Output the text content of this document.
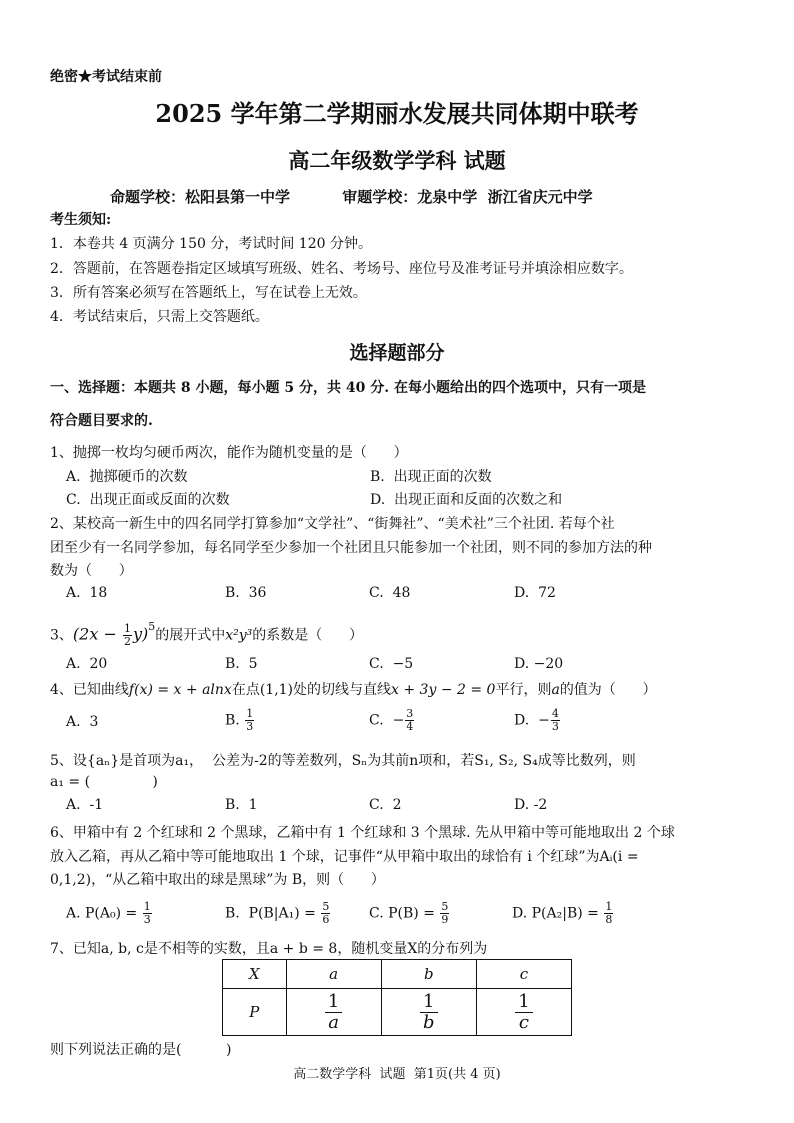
绝密★考试结束前
2025 学年第二学期丽水发展共同体期中联考
高二年级数学学科 试题
命题学校：松阳县第一中学          审题学校：龙泉中学  浙江省庆元中学
考生须知:
1．本卷共 4 页满分 150 分，考试时间 120 分钟。
2．答题前，在答题卷指定区域填写班级、姓名、考场号、座位号及准考证号并填涂相应数字。
3．所有答案必须写在答题纸上，写在试卷上无效。
4．考试结束后，只需上交答题纸。
选择题部分
一、选择题：本题共 8 小题，每小题 5 分，共 40 分. 在每小题给出的四个选项中，只有一项是
符合题目要求的.
1、抛掷一枚均匀硬币两次，能作为随机变量的是（      ）
A.  抛掷硬币的次数	B.  出现正面的次数
C.  出现正面或反面的次数	D.  出现正面和反面的次数之和
2、某校高一新生中的四名同学打算参加“文学社”、“街舞社”、“美术社”三个社团. 若每个社
团至少有一名同学参加，每名同学至少参加一个社团且只能参加一个社团，则不同的参加方法的种
数为（      ）
A.  18	B.  36	C.  48	D.  72
3、$(2x - \frac{1}{2} y)^5$的展开式中x²y³的系数是（      ）
A.  20	B.  5	C.  −5	D. −20
4、已知曲线f(x) = x + alnx在点(1,1)处的切线与直线x + 3y − 2 = 0平行，则a的值为（      ）
A.  3	B. $\frac{1}{3}$	C.  − $\frac{3}{4}$	D.  − $\frac{4}{3}$
5、设{aₙ}是首项为a₁，  公差为-2的等差数列，Sₙ为其前n项和，若S₁, S₂, S₄成等比数列，则
a₁ = (              )
A.  -1	B.  1	C.  2	D. -2
6、甲箱中有 2 个红球和 2 个黑球，乙箱中有 1 个红球和 3 个黑球. 先从甲箱中等可能地取出 2 个球
放入乙箱，再从乙箱中等可能地取出 1 个球，记事件“从甲箱中取出的球恰有 i 个红球”为Aᵢ(i =
0,1,2)，“从乙箱中取出的球是黑球”为 B，则（      ）
A. $P(A_0) = \frac{1}{3}$	B.  $P(B|A_1) = \frac{5}{6}$	C. $P(B) = \frac{5}{9}$	D. $P(A_2|B) = \frac{1}{8}$
7、已知a, b, c是不相等的实数，且a + b = 8，随机变量X的分布列为
X	a	b	c
P	$\frac{1}{a}$	$\frac{1}{b}$	$\frac{1}{c}$
则下列说法正确的是(          )
高二数学学科  试题  第1页(共 4 页)
